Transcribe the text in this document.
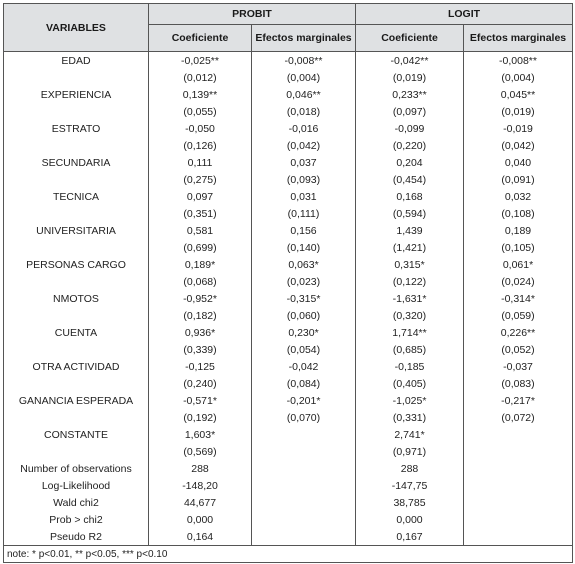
VARIABLES	PROBIT		LOGIT	
	Coeficiente	Efectos marginales	Coeficiente	Efectos marginales
EDAD	-0,025**	-0,008**	-0,042**	-0,008**
	(0,012)	(0,004)	(0,019)	(0,004)
EXPERIENCIA	0,139**	0,046**	0,233**	0,045**
	(0,055)	(0,018)	(0,097)	(0,019)
ESTRATO	-0,050	-0,016	-0,099	-0,019
	(0,126)	(0,042)	(0,220)	(0,042)
SECUNDARIA	0,111	0,037	0,204	0,040
	(0,275)	(0,093)	(0,454)	(0,091)
TECNICA	0,097	0,031	0,168	0,032
	(0,351)	(0,111)	(0,594)	(0,108)
UNIVERSITARIA	0,581	0,156	1,439	0,189
	(0,699)	(0,140)	(1,421)	(0,105)
PERSONAS CARGO	0,189*	0,063*	0,315*	0,061*
	(0,068)	(0,023)	(0,122)	(0,024)
NMOTOS	-0,952*	-0,315*	-1,631*	-0,314*
	(0,182)	(0,060)	(0,320)	(0,059)
CUENTA	0,936*	0,230*	1,714**	0,226**
	(0,339)	(0,054)	(0,685)	(0,052)
OTRA ACTIVIDAD	-0,125	-0,042	-0,185	-0,037
	(0,240)	(0,084)	(0,405)	(0,083)
GANANCIA ESPERADA	-0,571*	-0,201*	-1,025*	-0,217*
	(0,192)	(0,070)	(0,331)	(0,072)
CONSTANTE	1,603*		2,741*	
	(0,569)		(0,971)	
Number of observations	288		288	
Log-Likelihood	-148,20		-147,75	
Wald chi2	44,677		38,785	
Prob > chi2	0,000		0,000	
Pseudo R2	0,164		0,167	
note: * p<0.01, ** p<0.05, *** p<0.10				
